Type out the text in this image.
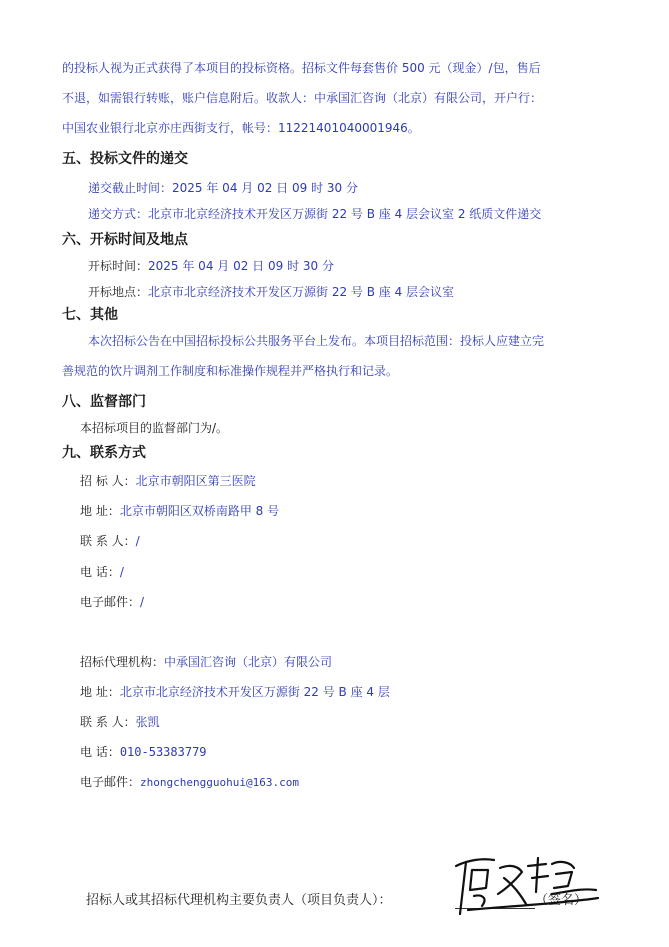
的投标人视为正式获得了本项目的投标资格。招标文件每套售价 500 元（现金）/包，售后
不退，如需银行转账，账户信息附后。收款人：中承国汇咨询（北京）有限公司，开户行：
中国农业银行北京亦庄西街支行，帐号：11221401040001946。
五、投标文件的递交
递交截止时间：2025 年 04 月 02 日 09 时 30 分
递交方式：北京市北京经济技术开发区万源街 22 号 B 座 4 层会议室 2 纸质文件递交
六、开标时间及地点
开标时间：2025 年 04 月 02 日 09 时 30 分
开标地点：北京市北京经济技术开发区万源街 22 号 B 座 4 层会议室
七、其他
本次招标公告在中国招标投标公共服务平台上发布。本项目招标范围：投标人应建立完
善规范的饮片调剂工作制度和标准操作规程并严格执行和记录。
八、监督部门
本招标项目的监督部门为/。
九、联系方式
招 标 人：北京市朝阳区第三医院
地 址：北京市朝阳区双桥南路甲 8 号
联 系 人：/
电 话：/
电子邮件：/
招标代理机构：中承国汇咨询（北京）有限公司
地 址：北京市北京经济技术开发区万源街 22 号 B 座 4 层
联 系 人：张凯
电 话：010-53383779
电子邮件：zhongchengguohui@163.com
招标人或其招标代理机构主要负责人（项目负责人）：	（签名）
